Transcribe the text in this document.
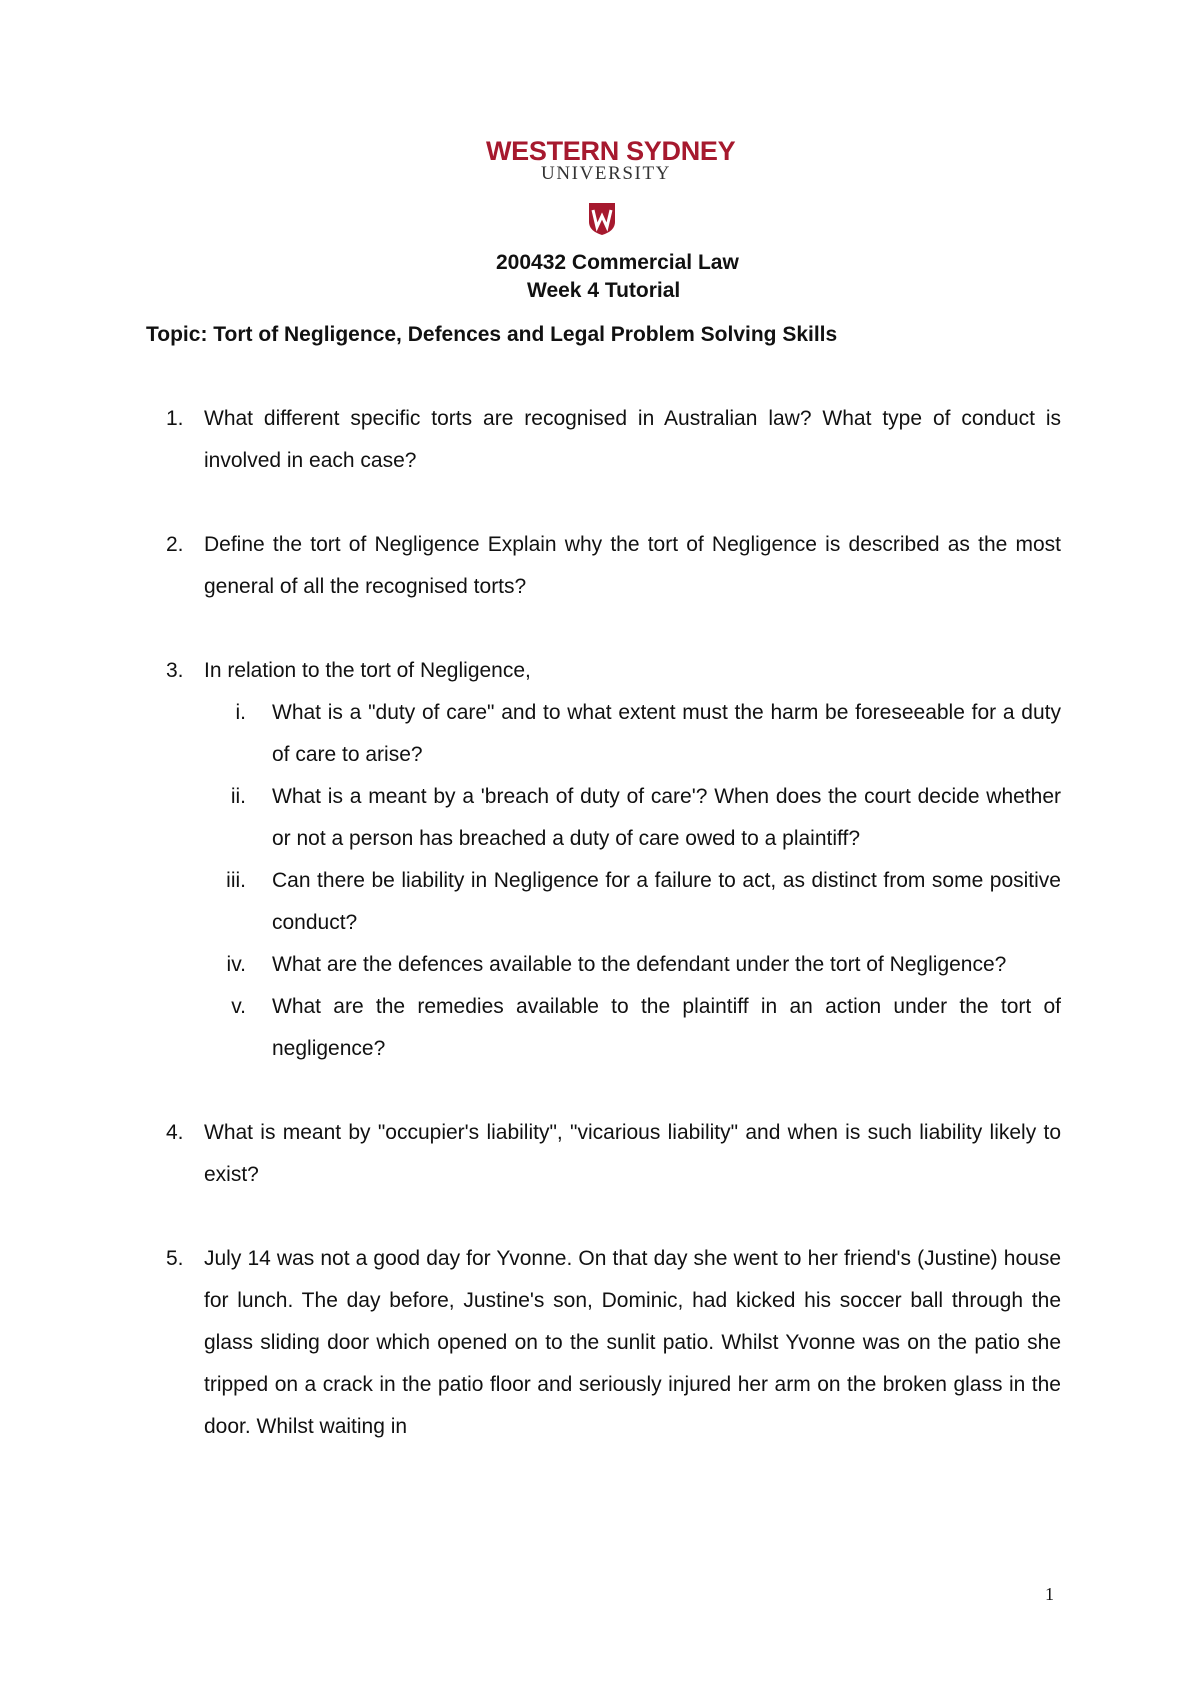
WESTERN SYDNEY
UNIVERSITY
200432 Commercial Law
Week 4 Tutorial
Topic: Tort of Negligence, Defences and Legal Problem Solving Skills
1. What different specific torts are recognised in Australian law? What type of conduct is involved in each case?

2. Define the tort of Negligence Explain why the tort of Negligence is described as the most general of all the recognised torts?

3. In relation to the tort of Negligence,

i. What is a "duty of care" and to what extent must the harm be foreseeable for a duty of care to arise?

ii. What is a meant by a 'breach of duty of care'? When does the court decide whether or not a person has breached a duty of care owed to a plaintiff?

iii. Can there be liability in Negligence for a failure to act, as distinct from some positive conduct?

iv. What are the defences available to the defendant under the tort of Negligence?

v. What are the remedies available to the plaintiff in an action under the tort of negligence?

4. What is meant by "occupier's liability", "vicarious liability" and when is such liability likely to exist?

5. July 14 was not a good day for Yvonne. On that day she went to her friend's (Justine) house for lunch. The day before, Justine's son, Dominic, had kicked his soccer ball through the glass sliding door which opened on to the sunlit patio. Whilst Yvonne was on the patio she tripped on a crack in the patio floor and seriously injured her arm on the broken glass in the door. Whilst waiting in

1
